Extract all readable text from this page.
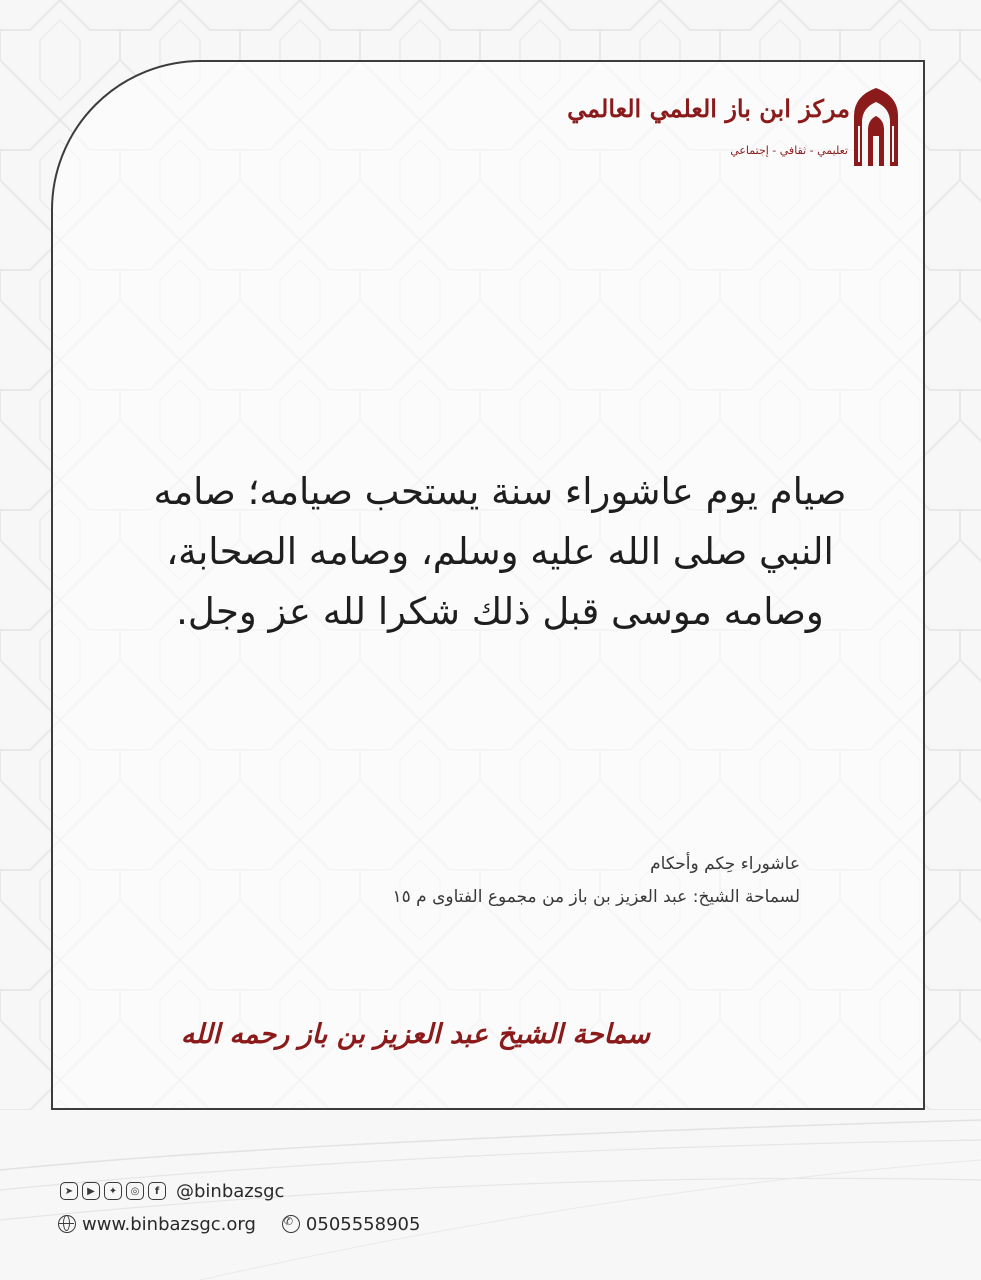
مركز ابن باز العلمي العالمي
تعليمي - ثقافي - إجتماعي
صيام يوم عاشوراء سنة يستحب صيامه؛ صامه
النبي صلى الله عليه وسلم، وصامه الصحابة،
وصامه موسى قبل ذلك شكرا لله عز وجل.
عاشوراء حِكم وأحكام
لسماحة الشيخ: عبد العزيز بن باز من مجموع الفتاوى م ١٥
سماحة الشيخ عبد العزيز بن باز رحمه الله
➤	▶	✦	◎	f @binbazsgc
www.binbazsgc.org
✆	0505558905
